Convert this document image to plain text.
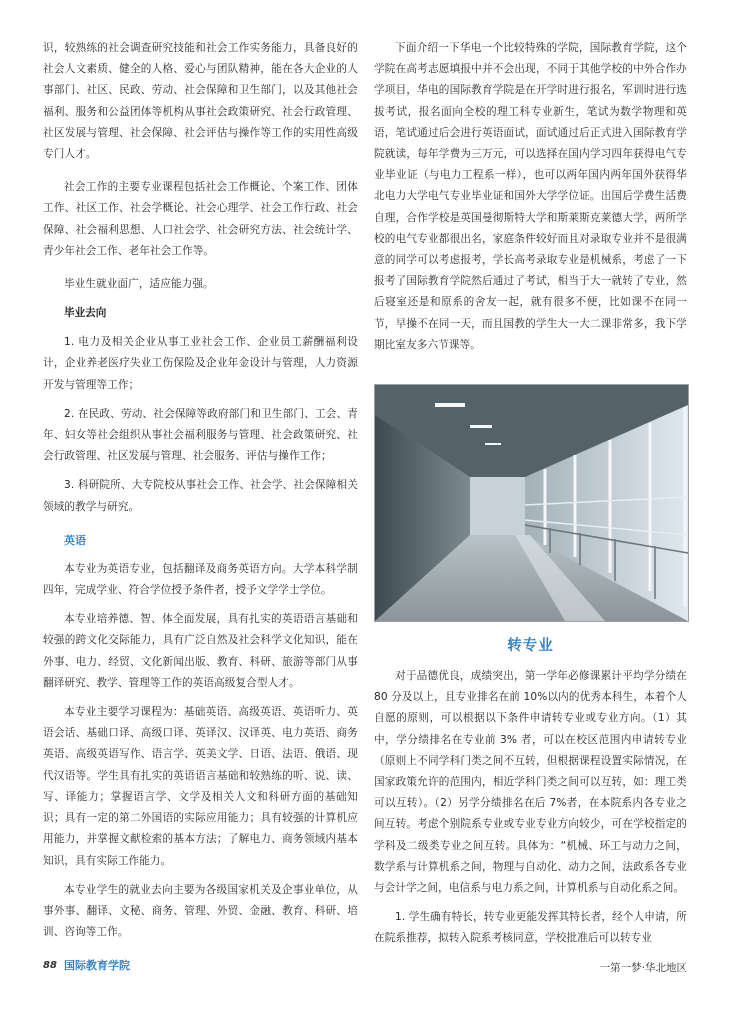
识，较熟练的社会调查研究技能和社会工作实务能力，具备良好的社会人文素质、健全的人格、爱心与团队精神，能在各大企业的人事部门、社区、民政、劳动、社会保障和卫生部门，以及其他社会福利、服务和公益团体等机构从事社会政策研究、社会行政管理、社区发展与管理、社会保障、社会评估与操作等工作的实用性高级专门人才。

社会工作的主要专业课程包括社会工作概论、个案工作、团体工作、社区工作、社会学概论、社会心理学、社会工作行政、社会保障、社会福利思想、人口社会学、社会研究方法、社会统计学、青少年社会工作、老年社会工作等。

毕业生就业面广，适应能力强。

毕业去向

1. 电力及相关企业从事工业社会工作、企业员工薪酬福利设计，企业养老医疗失业工伤保险及企业年金设计与管理，人力资源开发与管理等工作；

2. 在民政、劳动、社会保障等政府部门和卫生部门、工会、青年、妇女等社会组织从事社会福利服务与管理、社会政策研究、社会行政管理、社区发展与管理、社会服务、评估与操作工作；

3. 科研院所、大专院校从事社会工作、社会学、社会保障相关领域的教学与研究。

英语

本专业为英语专业，包括翻译及商务英语方向。大学本科学制四年，完成学业、符合学位授予条件者，授予文学学士学位。

本专业培养德、智、体全面发展，具有扎实的英语语言基础和较强的跨文化交际能力，具有广泛自然及社会科学文化知识，能在外事、电力、经贸、文化新闻出版、教育、科研、旅游等部门从事翻译研究、教学、管理等工作的英语高级复合型人才。

本专业主要学习课程为：基础英语、高级英语、英语听力、英语会话、基础口译、高级口译、英译汉、汉译英、电力英语、商务英语、高级英语写作、语言学、英美文学、日语、法语、俄语、现代汉语等。学生具有扎实的英语语言基础和较熟练的听、说、读、写、译能力；掌握语言学、文学及相关人文和科研方面的基础知识；具有一定的第二外国语的实际应用能力；具有较强的计算机应用能力，并掌握文献检索的基本方法；了解电力、商务领域内基本知识，具有实际工作能力。

本专业学生的就业去向主要为各级国家机关及企事业单位，从事外事、翻译、文秘、商务、管理、外贸、金融、教育、科研、培训、咨询等工作。

国际教育学院

下面介绍一下华电一个比较特殊的学院，国际教育学院，这个学院在高考志愿填报中并不会出现，不同于其他学校的中外合作办学项目，华电的国际教育学院是在开学时进行报名，军训时进行选拔考试，报名面向全校的理工科专业新生，笔试为数学物理和英语，笔试通过后会进行英语面试，面试通过后正式进入国际教育学院就读，每年学费为三万元，可以选择在国内学习四年获得电气专业毕业证（与电力工程系一样），也可以两年国内两年国外获得华北电力大学电气专业毕业证和国外大学学位证。出国后学费生活费自理，合作学校是英国曼彻斯特大学和斯莱斯克莱德大学，两所学校的电气专业都很出名，家庭条件较好而且对录取专业并不是很满意的同学可以考虑报考，学长高考录取专业是机械系，考虑了一下报考了国际教育学院然后通过了考试，相当于大一就转了专业，然后寝室还是和原系的舍友一起，就有很多不便，比如课不在同一节，早操不在同一天，而且国教的学生大一大二课非常多，我下学期比室友多六节课等。

转专业

对于品德优良，成绩突出，第一学年必修课累计平均学分绩在 80 分及以上，且专业排名在前 10%以内的优秀本科生，本着个人自愿的原则，可以根据以下条件申请转专业或专业方向。（1）其中，学分绩排名在专业前 3% 者，可以在校区范围内申请转专业（原则上不同学科门类之间不互转，但根据课程设置实际情况，在国家政策允许的范围内，相近学科门类之间可以互转，如：理工类可以互转）。（2）另学分绩排名在后 7%者，在本院系内各专业之间互转。考虑个别院系专业或专业专业方向较少，可在学校指定的学科及二级类专业之间互转。具体为：“机械、环工与动力之间，数学系与计算机系之间，物理与自动化、动力之间，法政系各专业与会计学之间，电信系与电力系之间，计算机系与自动化系之间。

1. 学生确有特长，转专业更能发挥其特长者，经个人申请，所在院系推荐，拟转入院系考核同意，学校批准后可以转专业

88	一第一梦·华北地区
